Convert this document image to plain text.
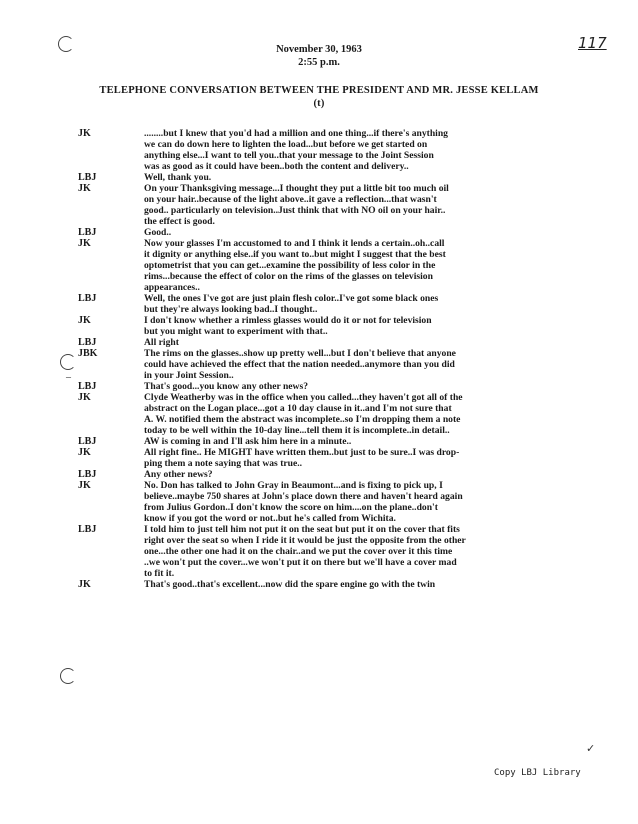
–
117
November 30, 1963
2:55 p.m.
TELEPHONE CONVERSATION BETWEEN THE PRESIDENT AND MR. JESSE KELLAM
(t)
JK	........but I knew that you'd had a million and one thing...if there's anything
we can do down here to lighten the load...but before we get started on
anything else...I want to tell you..that your message to the Joint Session
was as good as it could have been..both the content and delivery..
LBJ	Well, thank you.
JK	On your Thanksgiving message...I thought they put a little bit too much oil
on your hair..because of the light above..it gave a reflection...that wasn't
good.. particularly on television..Just think that with NO oil on your hair..
the effect is good.
LBJ	Good..
JK	Now your glasses I'm accustomed to and I think it lends a certain..oh..call
it dignity or anything else..if you want to..but might I suggest that the best
optometrist that you can get...examine the possibility of less color in the
rims...because the effect of color on the rims of the glasses on television
appearances..
LBJ	Well, the ones I've got are just plain flesh color..I've got some black ones
but they're always looking bad..I thought..
JK	I don't know whether a rimless glasses would do it or not for television
but you might want to experiment with that..
LBJ	All right
JBK	The rims on the glasses..show up pretty well...but I don't believe that anyone
could have achieved the effect that the nation needed..anymore than you did
in your Joint Session..
LBJ	That's good...you know any other news?
JK	Clyde Weatherby was in the office when you called...they haven't got all of the
abstract on the Logan place...got a 10 day clause in it..and I'm not sure that
A. W. notified them the abstract was incomplete..so I'm dropping them a note
today to be well within the 10-day line...tell them it is incomplete..in detail..
LBJ	AW is coming in and I'll ask him here in a minute..
JK	All right fine.. He MIGHT have written them..but just to be sure..I was drop-
ping them a note saying that was true..
LBJ	Any other news?
JK	No. Don has talked to John Gray in Beaumont...and is fixing to pick up, I
believe..maybe 750 shares at John's place down there and haven't heard again
from Julius Gordon..I don't know the score on him....on the plane..don't
know if you got the word or not..but he's called from Wichita.
LBJ	I told him to just tell him not put it on the seat but put it on the cover that fits
right over the seat so when I ride it it would be just the opposite from the other
one...the other one had it on the chair..and we put the cover over it this time
..we won't put the cover...we won't put it on there but we'll have a cover mad
to fit it.
JK	That's good..that's excellent...now did the spare engine go with the twin
✓
Copy LBJ Library
